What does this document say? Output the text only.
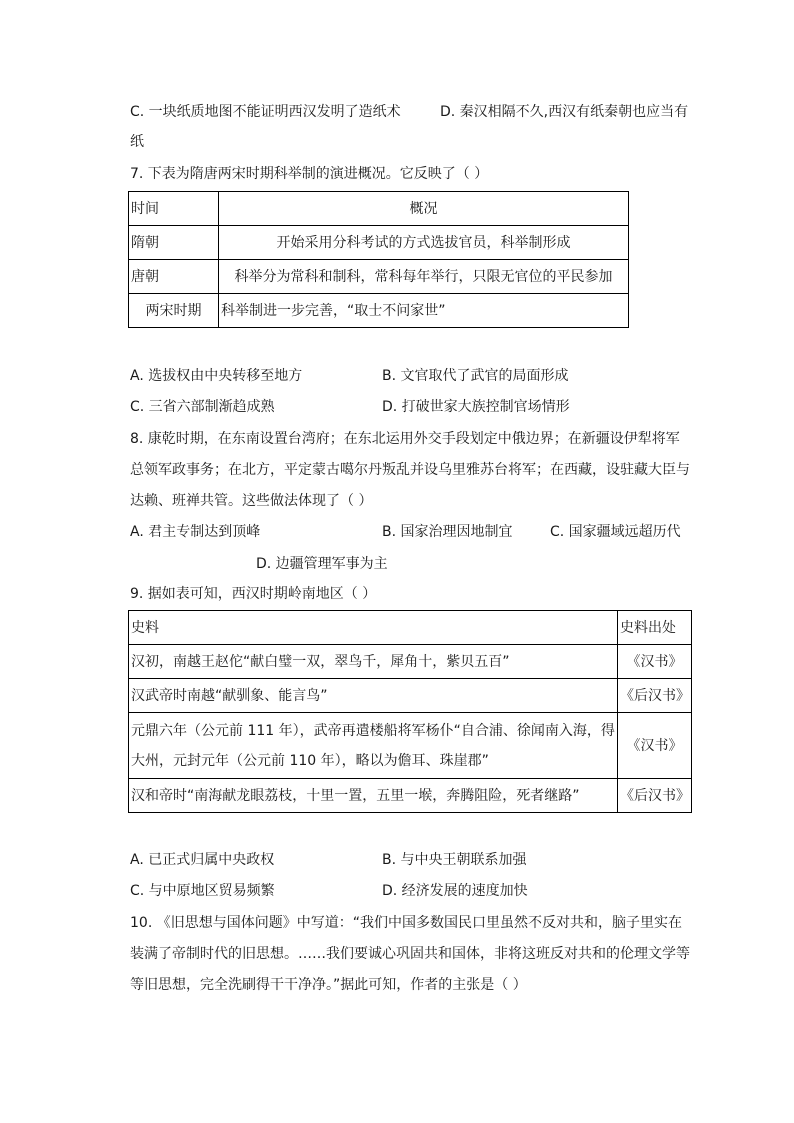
C. 一块纸质地图不能证明西汉发明了造纸术	D. 秦汉相隔不久,西汉有纸秦朝也应当有
纸
7. 下表为隋唐两宋时期科举制的演进概况。它反映了（ ）
时间	概况
隋朝	开始采用分科考试的方式选拔官员，科举制形成
唐朝	科举分为常科和制科，常科每年举行，只限无官位的平民参加
两宋时期	科举制进一步完善，“取士不问家世”
A. 选拔权由中央转移至地方	B. 文官取代了武官的局面形成
C. 三省六部制渐趋成熟	D. 打破世家大族控制官场情形
8. 康乾时期，在东南设置台湾府；在东北运用外交手段划定中俄边界；在新疆设伊犁将军
总领军政事务；在北方，平定蒙古噶尔丹叛乱并设乌里雅苏台将军；在西藏，设驻藏大臣与
达赖、班禅共管。这些做法体现了（ ）
A. 君主专制达到顶峰	B. 国家治理因地制宜	C. 国家疆域远超历代
D. 边疆管理军事为主
9. 据如表可知，西汉时期岭南地区（ ）
史料	史料出处
汉初，南越王赵佗“献白璧一双，翠鸟千，犀角十，紫贝五百”	《汉书》
汉武帝时南越“献驯象、能言鸟”	《后汉书》

元鼎六年（公元前 111 年），武帝再遣楼船将军杨仆“自合浦、徐闻南入海，得
大州，元封元年（公元前 110 年），略以为儋耳、珠崖郡”	《汉书》
汉和帝时“南海献龙眼荔枝，十里一置，五里一堠，奔腾阻险，死者继路”	《后汉书》
A. 已正式归属中央政权	B. 与中央王朝联系加强
C. 与中原地区贸易频繁	D. 经济发展的速度加快
10. 《旧思想与国体问题》中写道：“我们中国多数国民口里虽然不反对共和，脑子里实在
装满了帝制时代的旧思想。……我们要诚心巩固共和国体，非将这班反对共和的伦理文学等
等旧思想，完全洗刷得干干净净。”据此可知，作者的主张是（ ）
